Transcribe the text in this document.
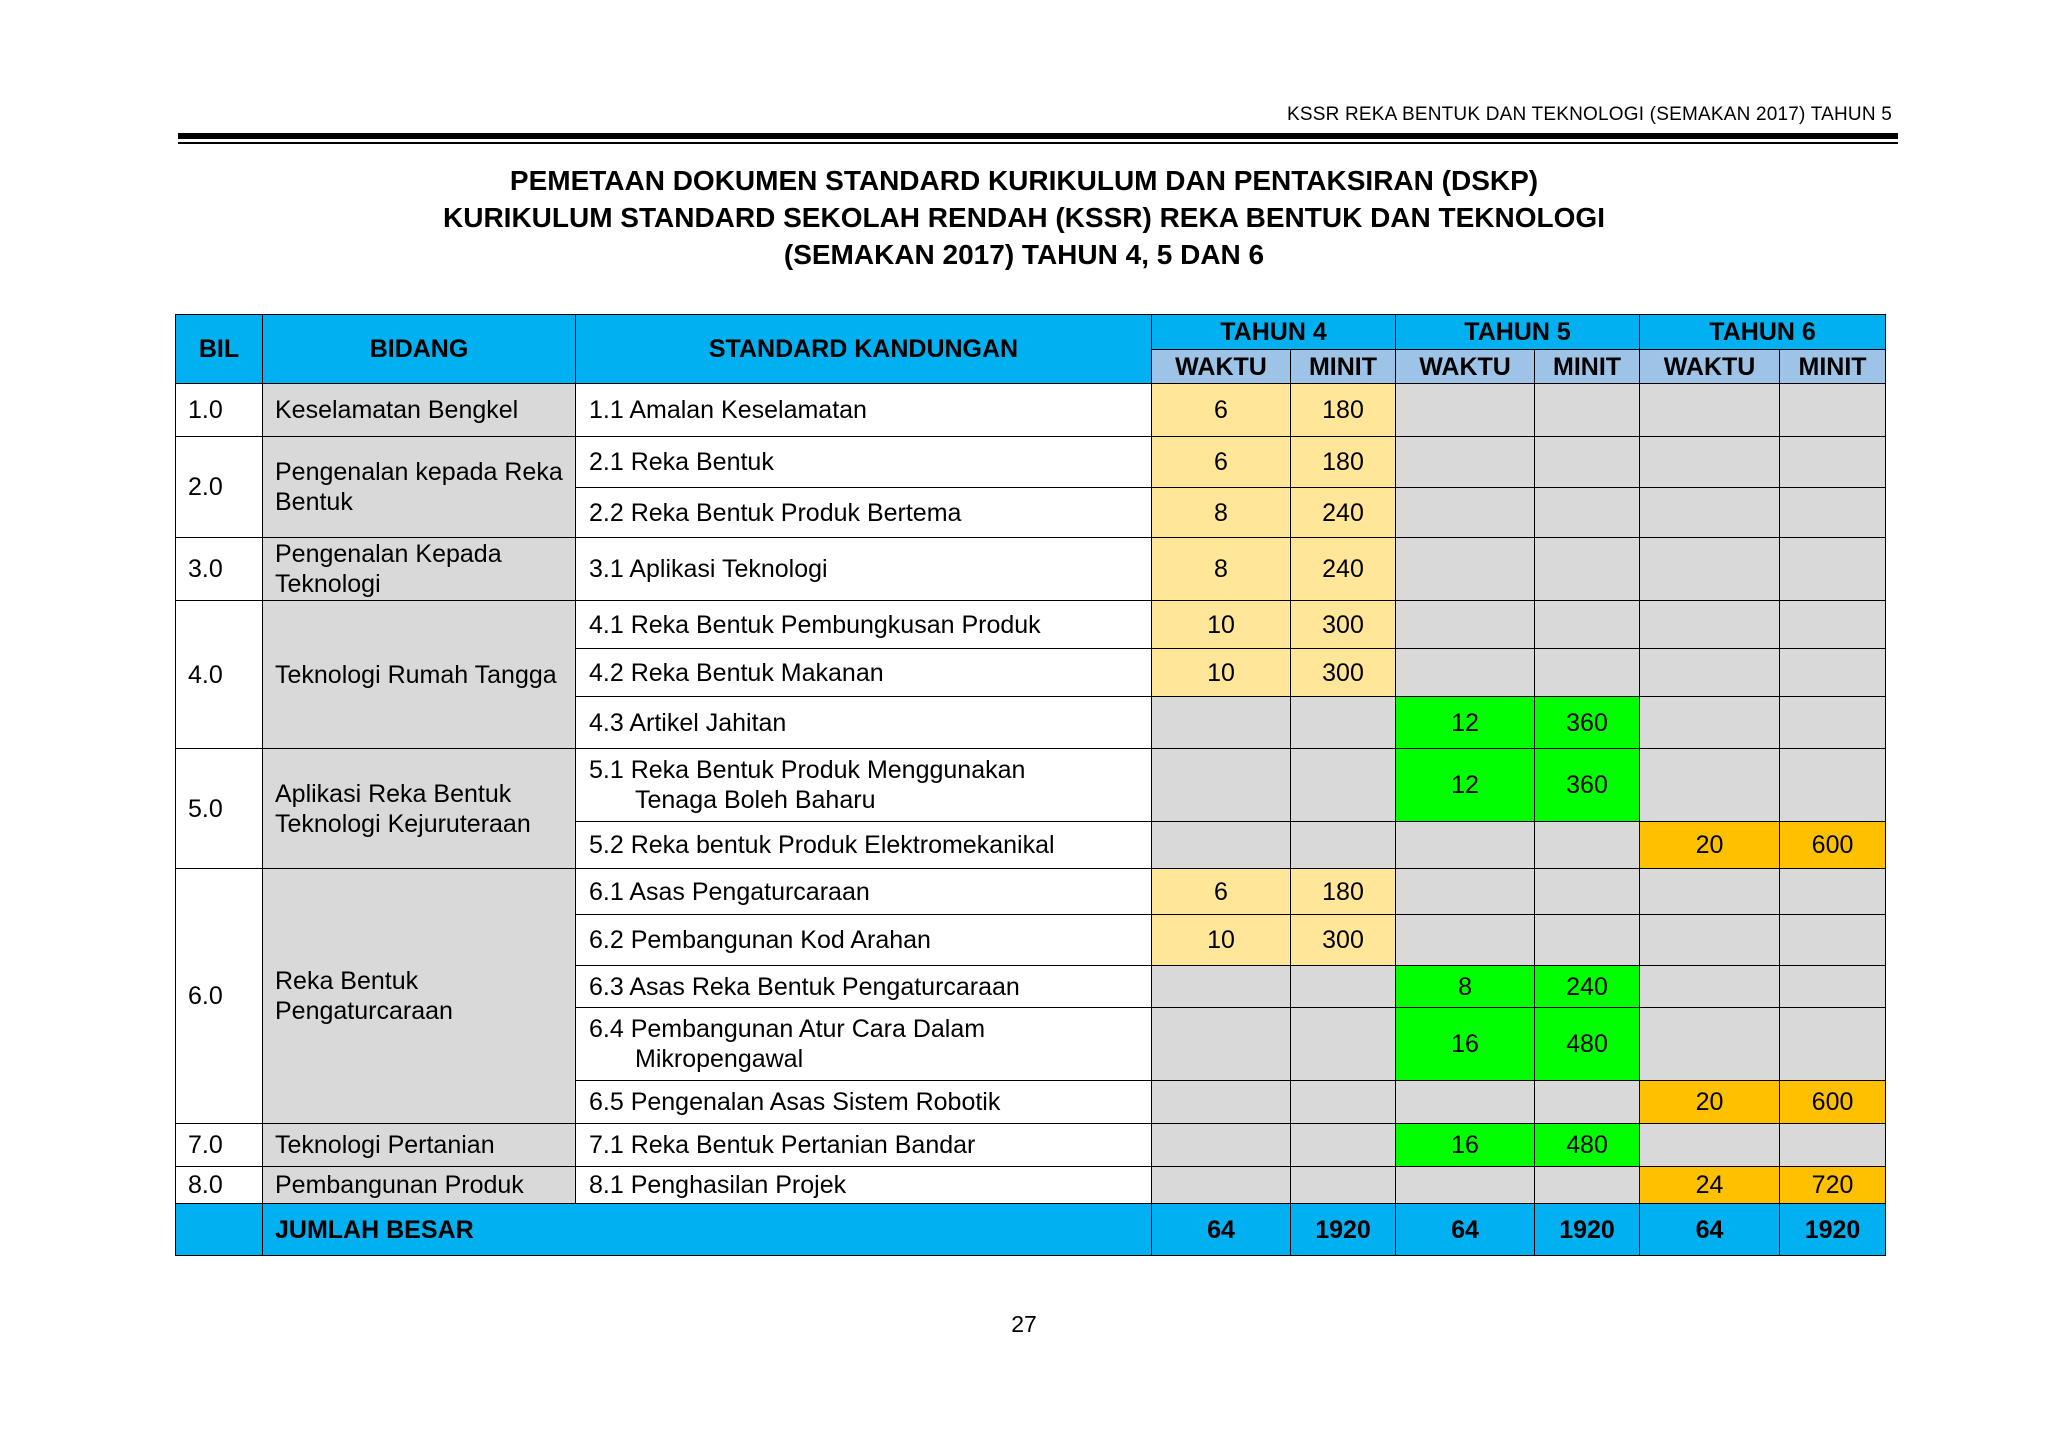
KSSR REKA BENTUK DAN TEKNOLOGI (SEMAKAN 2017) TAHUN 5
PEMETAAN DOKUMEN STANDARD KURIKULUM DAN PENTAKSIRAN (DSKP)
KURIKULUM STANDARD SEKOLAH RENDAH (KSSR) REKA BENTUK DAN TEKNOLOGI
(SEMAKAN 2017) TAHUN 4, 5 DAN 6
BIL	BIDANG	STANDARD KANDUNGAN	TAHUN 4		TAHUN 5		TAHUN 6	
			WAKTU	MINIT	WAKTU	MINIT	WAKTU	MINIT
1.0	Keselamatan Bengkel	1.1 Amalan Keselamatan	6	180				
2.0	Pengenalan kepada Reka Bentuk	2.1 Reka Bentuk	6	180				
		2.2 Reka Bentuk Produk Bertema	8	240				
3.0	Pengenalan Kepada Teknologi	3.1 Aplikasi Teknologi	8	240				
4.0	Teknologi Rumah Tangga	4.1 Reka Bentuk Pembungkusan Produk	10	300				
		4.2 Reka Bentuk Makanan	10	300				
		4.3 Artikel Jahitan			12	360		
5.0	Aplikasi Reka Bentuk Teknologi Kejuruteraan	5.1 Reka Bentuk Produk Menggunakan
Tenaga Boleh Baharu			12	360		
		5.2 Reka bentuk Produk Elektromekanikal					20	600
6.0	Reka Bentuk Pengaturcaraan	6.1 Asas Pengaturcaraan	6	180				
		6.2 Pembangunan Kod Arahan	10	300				
		6.3 Asas Reka Bentuk Pengaturcaraan			8	240		
		6.4 Pembangunan Atur Cara Dalam
Mikropengawal			16	480		
		6.5 Pengenalan Asas Sistem Robotik					20	600
7.0	Teknologi Pertanian	7.1 Reka Bentuk Pertanian Bandar			16	480		
8.0	Pembangunan Produk	8.1 Penghasilan Projek					24	720
	JUMLAH BESAR		64	1920	64	1920	64	1920
27
